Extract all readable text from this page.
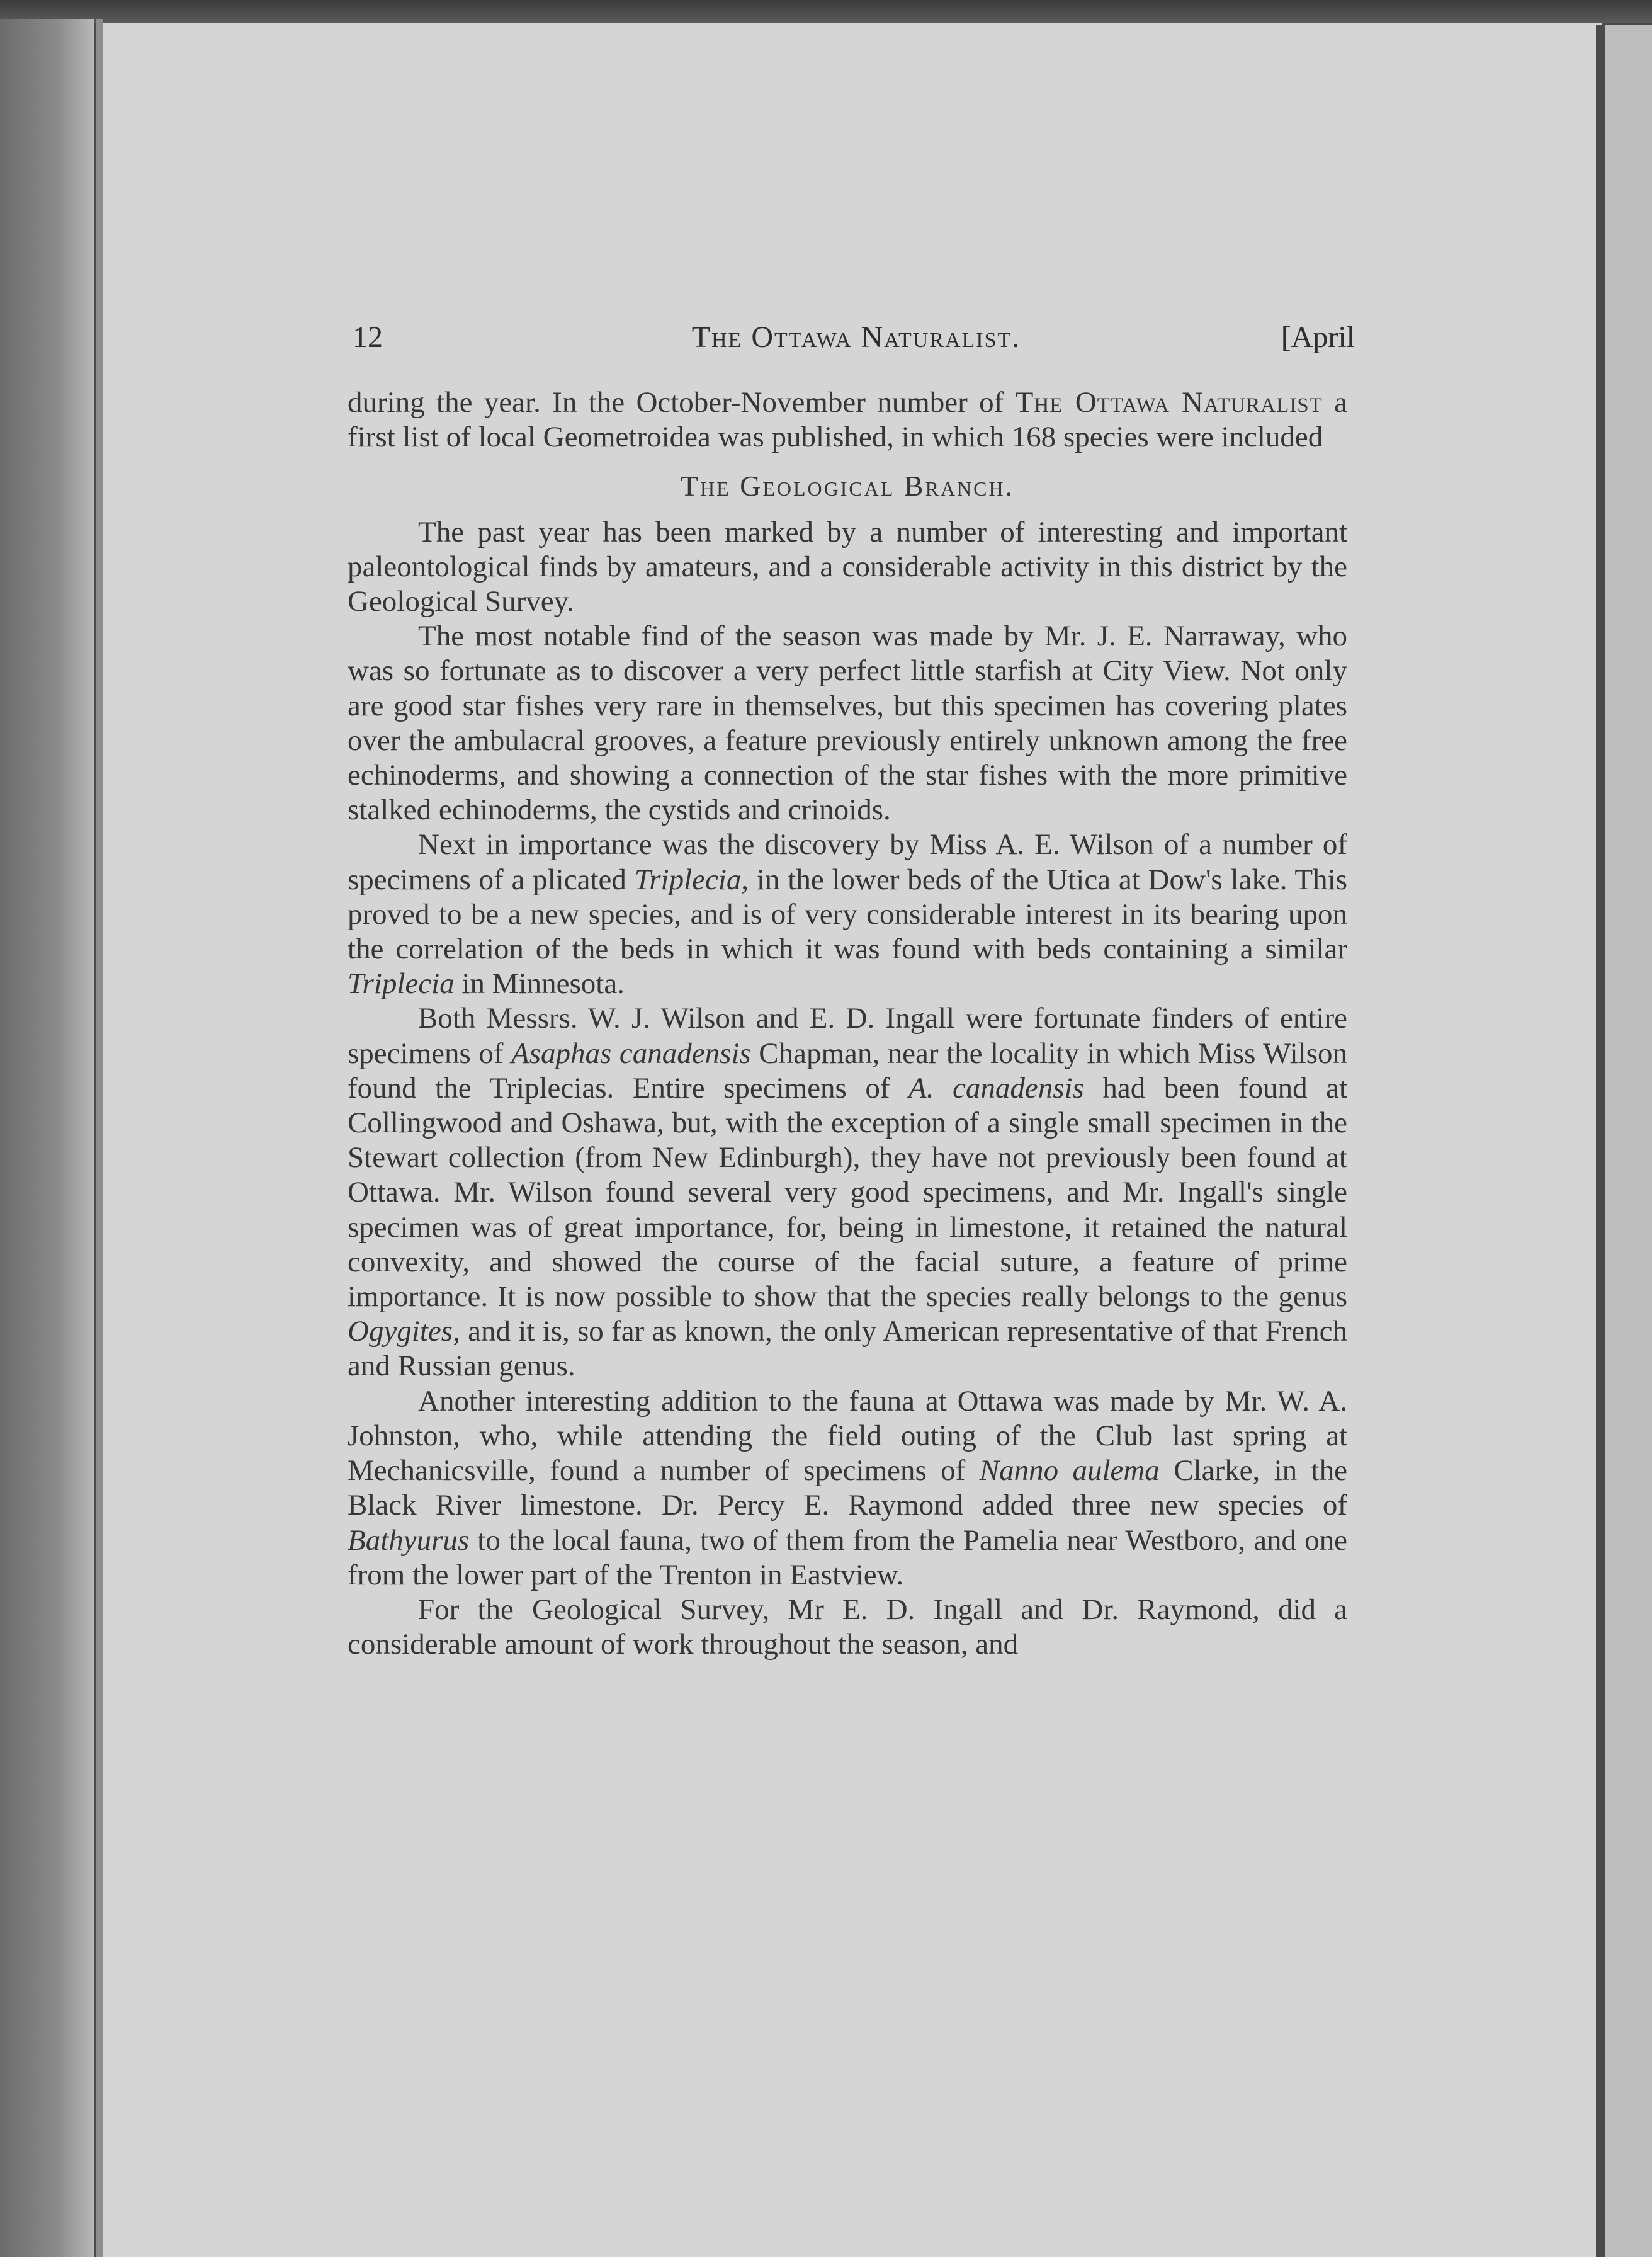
12	The Ottawa Naturalist.	[April

during the year. In the October-November number of The Ottawa Naturalist a first list of local Geometroidea was published, in which 168 species were included

The Geological Branch.

The past year has been marked by a number of interesting and important paleontological finds by amateurs, and a considerable activity in this district by the Geological Survey.

The most notable find of the season was made by Mr. J. E. Narraway, who was so fortunate as to discover a very perfect little starfish at City View. Not only are good star fishes very rare in themselves, but this specimen has covering plates over the ambulacral grooves, a feature previously entirely unknown among the free echinoderms, and showing a connection of the star fishes with the more primitive stalked echinoderms, the cystids and crinoids.

Next in importance was the discovery by Miss A. E. Wilson of a number of specimens of a plicated Triplecia, in the lower beds of the Utica at Dow's lake. This proved to be a new species, and is of very considerable interest in its bearing upon the correlation of the beds in which it was found with beds containing a similar Triplecia in Minnesota.

Both Messrs. W. J. Wilson and E. D. Ingall were fortunate finders of entire specimens of Asaphas canadensis Chapman, near the locality in which Miss Wilson found the Triplecias. Entire specimens of A. canadensis had been found at Collingwood and Oshawa, but, with the exception of a single small specimen in the Stewart collection (from New Edinburgh), they have not previously been found at Ottawa. Mr. Wilson found several very good specimens, and Mr. Ingall's single specimen was of great importance, for, being in limestone, it retained the natural convexity, and showed the course of the facial suture, a feature of prime importance. It is now possible to show that the species really belongs to the genus Ogygites, and it is, so far as known, the only American representative of that French and Russian genus.

Another interesting addition to the fauna at Ottawa was made by Mr. W. A. Johnston, who, while attending the field outing of the Club last spring at Mechanicsville, found a number of specimens of Nanno aulema Clarke, in the Black River limestone. Dr. Percy E. Raymond added three new species of Bathyurus to the local fauna, two of them from the Pamelia near Westboro, and one from the lower part of the Trenton in Eastview.

For the Geological Survey, Mr E. D. Ingall and Dr. Raymond, did a considerable amount of work throughout the season, and
